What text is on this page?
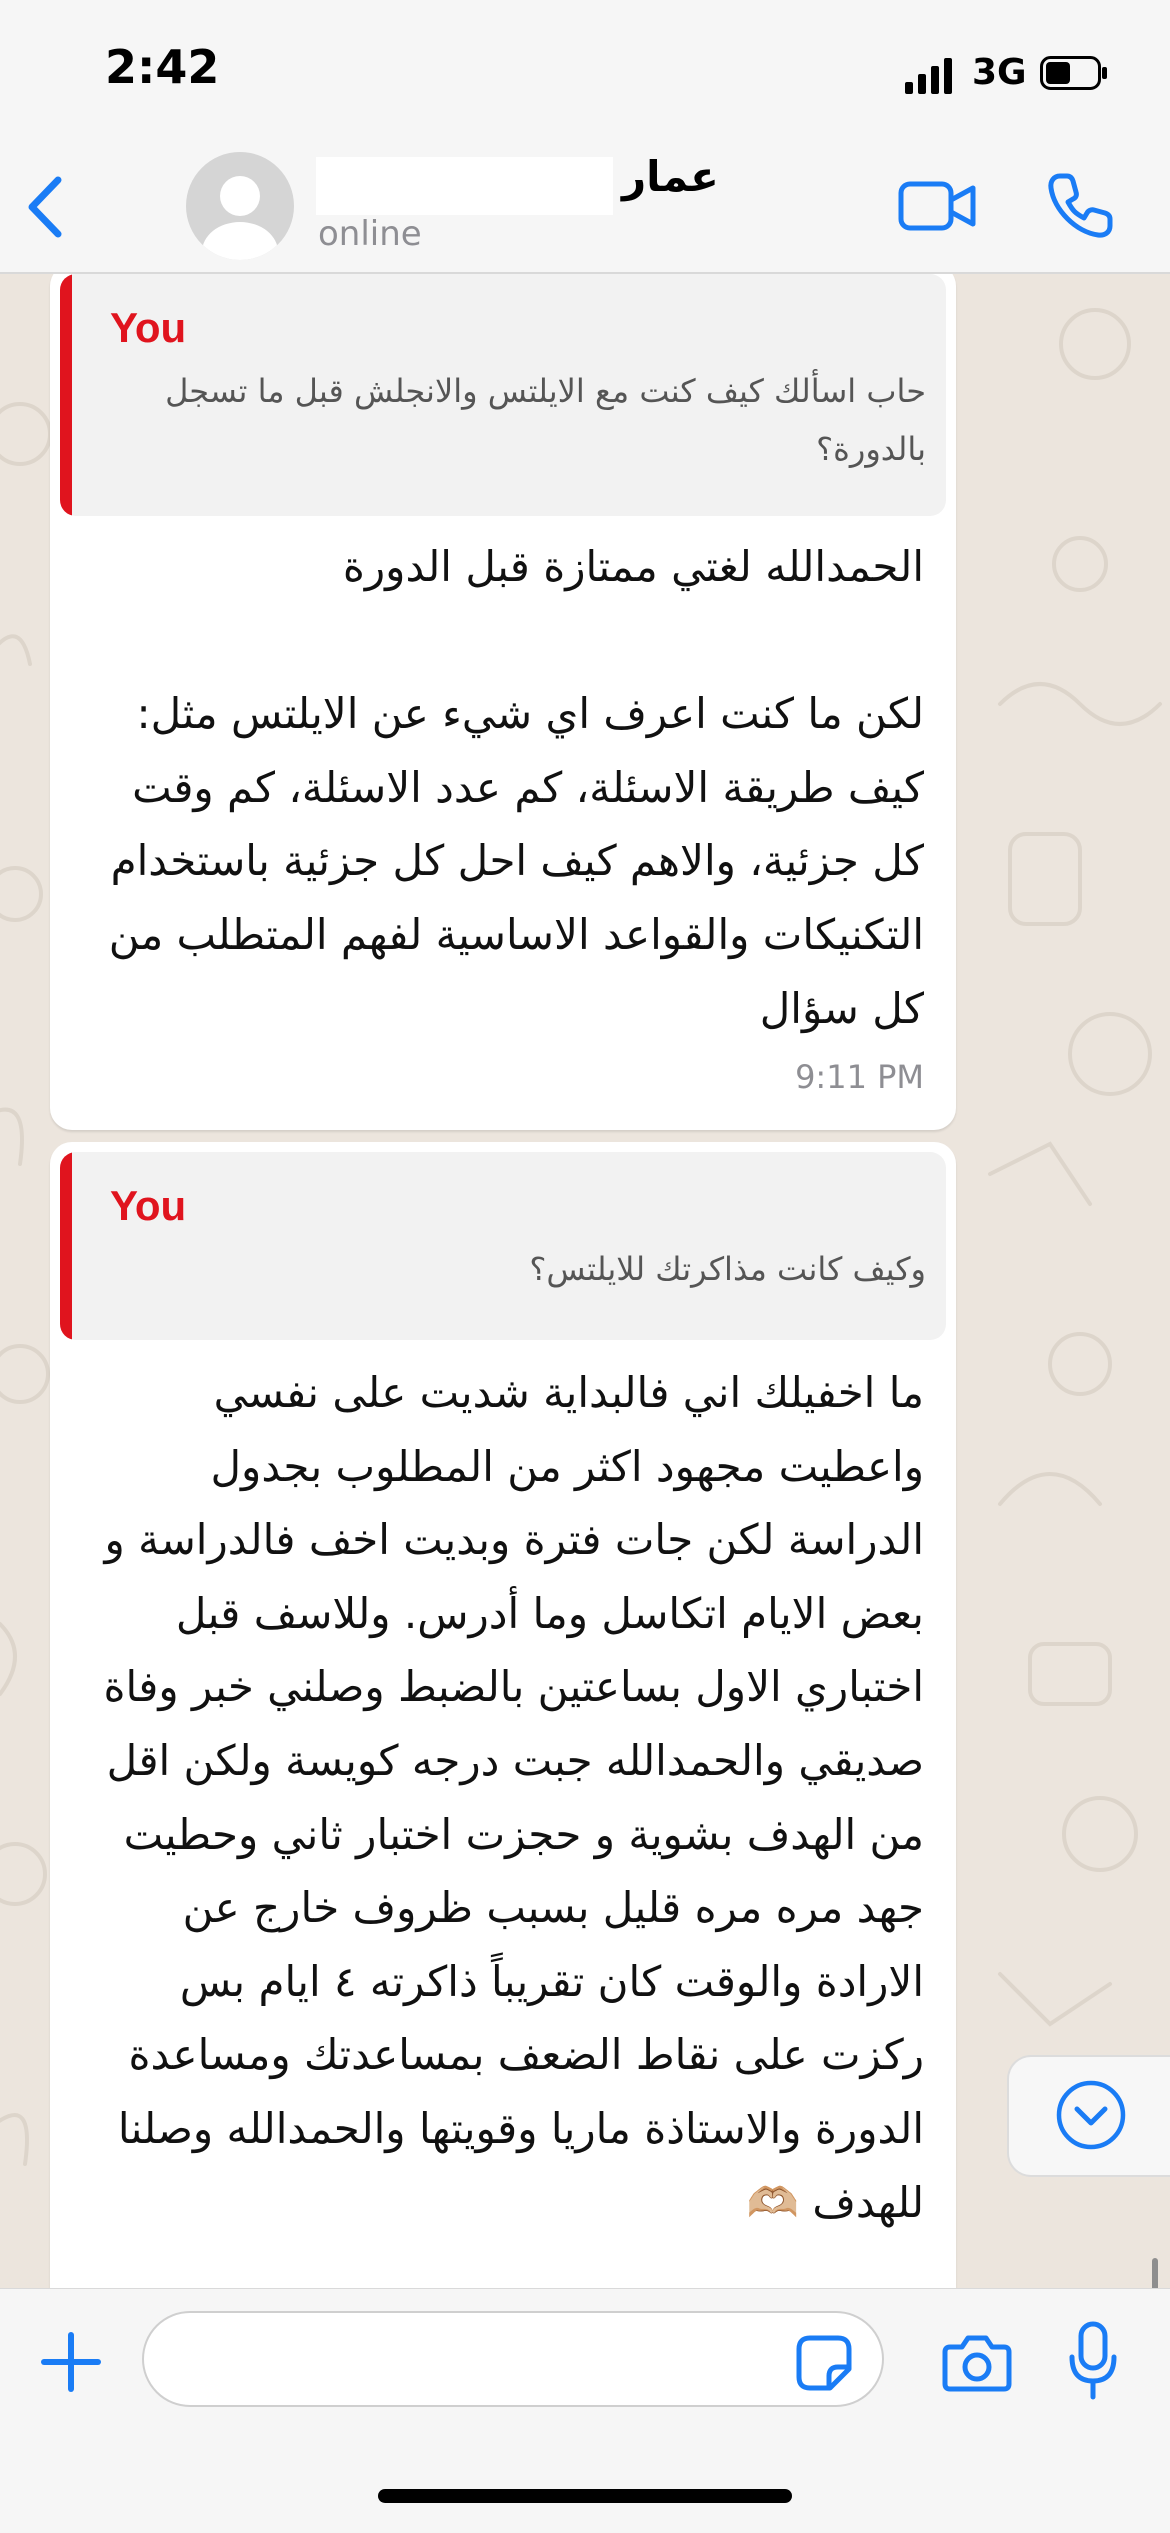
2:42	3G
عمار
online
You
حاب اسألك كيف كنت مع الايلتس والانجلش قبل ما تسجل بالدورة؟
الحمدالله لغتي ممتازة قبل الدورة

لكن ما كنت اعرف اي شيء عن الايلتس مثل: كيف طريقة الاسئلة، كم عدد الاسئلة، كم وقت كل جزئية، والاهم كيف احل كل جزئية باستخدام التكنيكات والقواعد الاساسية لفهم المتطلب من كل سؤال
9:11 PM
You
وكيف كانت مذاكرتك للايلتس؟
ما اخفيلك اني فالبداية شديت على نفسي واعطيت مجهود اكثر من المطلوب بجدول الدراسة لكن جات فترة وبديت اخف فالدراسة و بعض الايام اتكاسل وما أدرس. وللاسف قبل اختباري الاول بساعتين بالضبط وصلني خبر وفاة صديقي والحمدالله جبت درجه كويسة ولكن اقل من الهدف بشوية و حجزت اختبار ثاني وحطيت جهد مره مره قليل بسبب ظروف خارج عن الارادة والوقت كان تقريباً ذاكرته ٤ ايام بس ركزت على نقاط الضعف بمساعدتك ومساعدة الدورة والاستاذة ماريا وقويتها والحمدالله وصلنا للهدف 🫶🏼
